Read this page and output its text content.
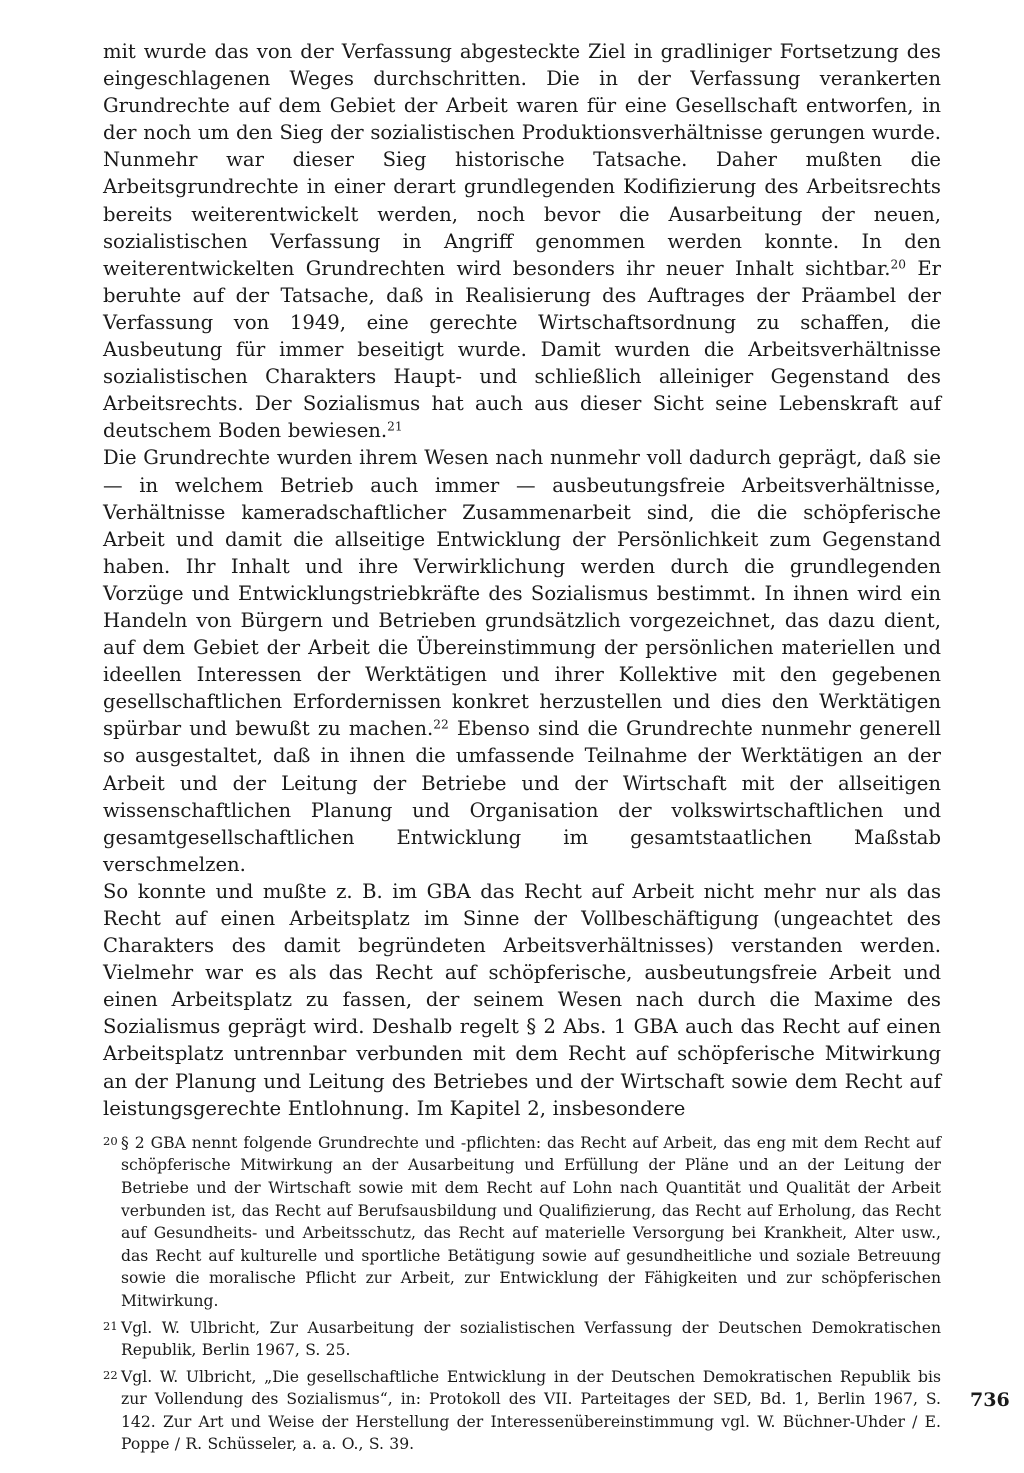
mit wurde das von der Verfassung abgesteckte Ziel in gradliniger Fortsetzung des eingeschlagenen Weges durchschritten. Die in der Verfassung verankerten Grundrechte auf dem Gebiet der Arbeit waren für eine Gesellschaft entworfen, in der noch um den Sieg der sozialistischen Produktionsverhältnisse gerungen wurde. Nunmehr war dieser Sieg historische Tatsache. Daher mußten die Arbeitsgrundrechte in einer derart grundlegenden Kodifizierung des Arbeitsrechts bereits weiterentwickelt werden, noch bevor die Ausarbeitung der neuen, sozialistischen Verfassung in Angriff genommen werden konnte. In den weiterentwickelten Grundrechten wird besonders ihr neuer Inhalt sichtbar.$^{20}$ Er beruhte auf der Tatsache, daß in Realisierung des Auftrages der Präambel der Verfassung von 1949, eine gerechte Wirtschaftsordnung zu schaffen, die Ausbeutung für immer beseitigt wurde. Damit wurden die Arbeitsverhältnisse sozialistischen Charakters Haupt- und schließlich alleiniger Gegenstand des Arbeitsrechts. Der Sozialismus hat auch aus dieser Sicht seine Lebenskraft auf deutschem Boden bewiesen.$^{21}$

Die Grundrechte wurden ihrem Wesen nach nunmehr voll dadurch geprägt, daß sie — in welchem Betrieb auch immer — ausbeutungsfreie Arbeitsverhältnisse, Verhältnisse kameradschaftlicher Zusammenarbeit sind, die die schöpferische Arbeit und damit die allseitige Entwicklung der Persönlichkeit zum Gegenstand haben. Ihr Inhalt und ihre Verwirklichung werden durch die grundlegenden Vorzüge und Entwicklungstriebkräfte des Sozialismus bestimmt. In ihnen wird ein Handeln von Bürgern und Betrieben grundsätzlich vorgezeichnet, das dazu dient, auf dem Gebiet der Arbeit die Übereinstimmung der persönlichen materiellen und ideellen Interessen der Werktätigen und ihrer Kollektive mit den gegebenen gesellschaftlichen Erfordernissen konkret herzustellen und dies den Werktätigen spürbar und bewußt zu machen.$^{22}$ Ebenso sind die Grundrechte nunmehr generell so ausgestaltet, daß in ihnen die umfassende Teilnahme der Werktätigen an der Arbeit und der Leitung der Betriebe und der Wirtschaft mit der allseitigen wissenschaftlichen Planung und Organisation der volkswirtschaftlichen und gesamtgesellschaftlichen Entwicklung im gesamtstaatlichen Maßstab verschmelzen.

So konnte und mußte z. B. im GBA das Recht auf Arbeit nicht mehr nur als das Recht auf einen Arbeitsplatz im Sinne der Vollbeschäftigung (ungeachtet des Charakters des damit begründeten Arbeitsverhältnisses) verstanden werden. Vielmehr war es als das Recht auf schöpferische, ausbeutungsfreie Arbeit und einen Arbeitsplatz zu fassen, der seinem Wesen nach durch die Maxime des Sozialismus geprägt wird. Deshalb regelt § 2 Abs. 1 GBA auch das Recht auf einen Arbeitsplatz untrennbar verbunden mit dem Recht auf schöpferische Mitwirkung an der Planung und Leitung des Betriebes und der Wirtschaft sowie dem Recht auf leistungsgerechte Entlohnung. Im Kapitel 2, insbesondere

20 § 2 GBA nennt folgende Grundrechte und -pflichten: das Recht auf Arbeit, das eng mit dem Recht auf schöpferische Mitwirkung an der Ausarbeitung und Erfüllung der Pläne und an der Leitung der Betriebe und der Wirtschaft sowie mit dem Recht auf Lohn nach Quantität und Qualität der Arbeit verbunden ist, das Recht auf Berufsausbildung und Qualifizierung, das Recht auf Erholung, das Recht auf Gesundheits- und Arbeitsschutz, das Recht auf materielle Versorgung bei Krankheit, Alter usw., das Recht auf kulturelle und sportliche Betätigung sowie auf gesundheitliche und soziale Betreuung sowie die moralische Pflicht zur Arbeit, zur Entwicklung der Fähigkeiten und zur schöpferischen Mitwirkung.
21 Vgl. W. Ulbricht, Zur Ausarbeitung der sozialistischen Verfassung der Deutschen Demokratischen Republik, Berlin 1967, S. 25.
22 Vgl. W. Ulbricht, „Die gesellschaftliche Entwicklung in der Deutschen Demokratischen Republik bis zur Vollendung des Sozialismus“, in: Protokoll des VII. Parteitages der SED, Bd. 1, Berlin 1967, S. 142. Zur Art und Weise der Herstellung der Interessenübereinstimmung vgl. W. Büchner-Uhder / E. Poppe / R. Schüsseler, a. a. O., S. 39.
736
